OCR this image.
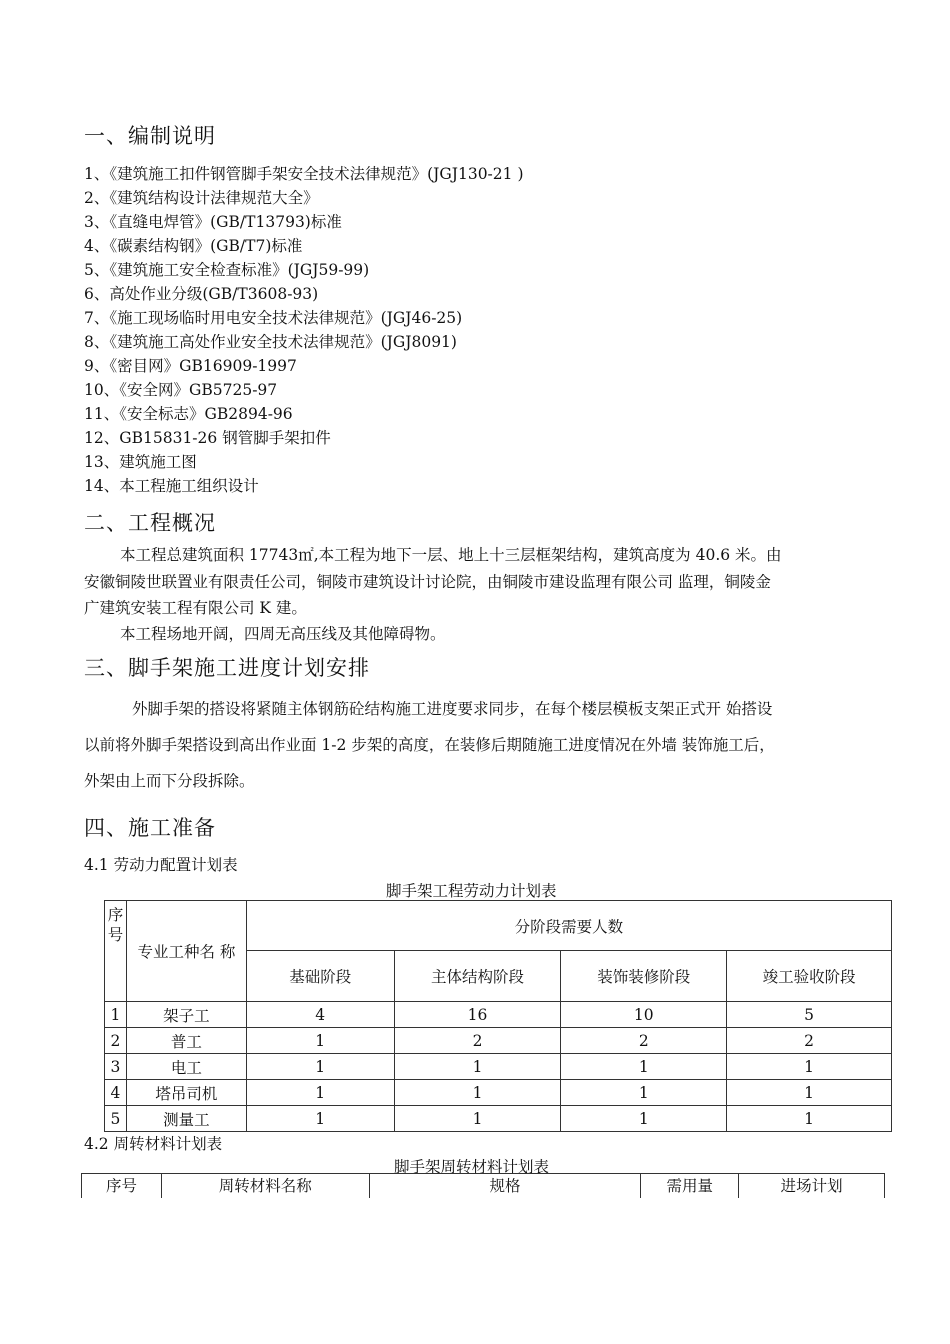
一、编制说明
1、《建筑施工扣件钢管脚手架安全技术法律规范》(JGJ130-21 )
2、《建筑结构设计法律规范大全》
3、《直缝电焊管》(GB/T13793)标准
4、《碳素结构钢》(GB/T7)标准
5、《建筑施工安全检查标准》(JGJ59-99)
6、高处作业分级(GB/T3608-93)
7、《施工现场临时用电安全技术法律规范》(JGJ46-25)
8、《建筑施工高处作业安全技术法律规范》(JGJ8091)
9、《密目网》GB16909-1997
10、《安全网》GB5725-97
11、《安全标志》GB2894-96
12、GB15831-26 钢管脚手架扣件
13、建筑施工图
14、本工程施工组织设计
二、工程概况
本工程总建筑面积 17743㎡,本工程为地下一层、地上十三层框架结构，建筑高度为 40.6 米。由
安徽铜陵世联置业有限责任公司，铜陵市建筑设计讨论院，由铜陵市建设监理有限公司 监理，铜陵金
广建筑安装工程有限公司 K 建。
本工程场地开阔，四周无高压线及其他障碍物。
三、脚手架施工进度计划安排
外脚手架的搭设将紧随主体钢筋砼结构施工进度要求同步，在每个楼层模板支架正式开 始搭设
以前将外脚手架搭设到高出作业面 1-2 步架的高度，在装修后期随施工进度情况在外墙 装饰施工后，
外架由上而下分段拆除。
四、施工准备
4.1 劳动力配置计划表
脚手架工程劳动力计划表
序
号	专业工种名 称	分阶段需要人数			
		基础阶段	主体结构阶段	装饰装修阶段	竣工验收阶段
1	架子工	4	16	10	5
2	普工	1	2	2	2
3	电工	1	1	1	1
4	塔吊司机	1	1	1	1
5	测量工	1	1	1	1
4.2 周转材料计划表
脚手架周转材料计划表
序号	周转材料名称	规格	需用量	进场计划
